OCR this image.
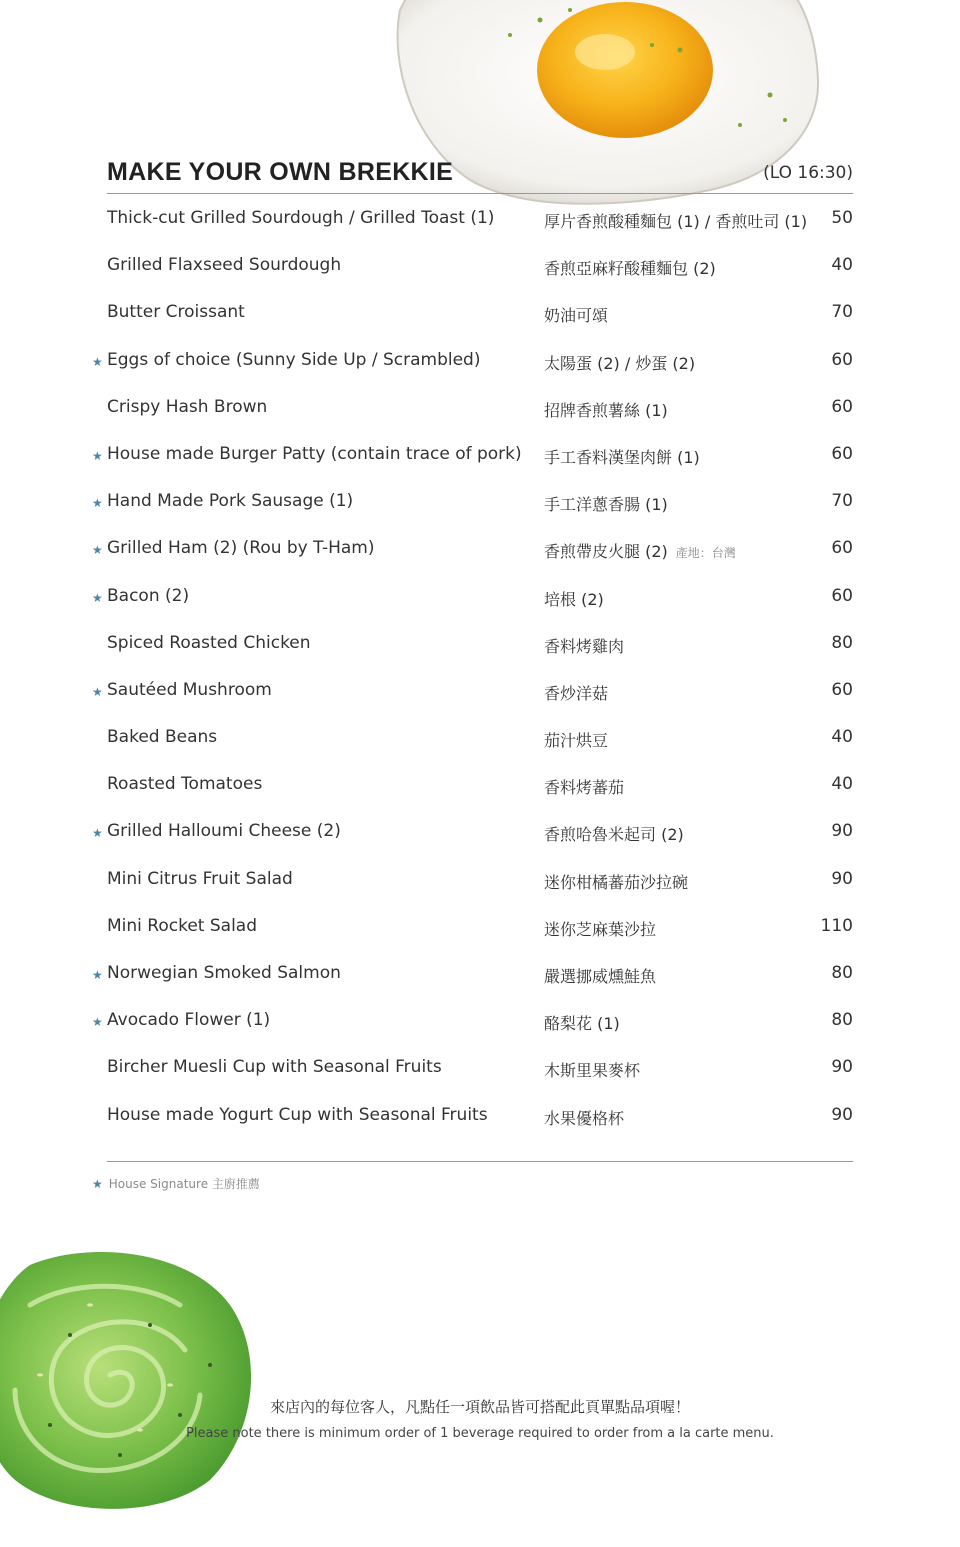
MAKE YOUR OWN BREKKIE	(LO 16:30)
Thick-cut Grilled Sourdough / Grilled Toast (1)	厚片香煎酸種麵包 (1) / 香煎吐司 (1) 50
Grilled Flaxseed Sourdough	香煎亞麻籽酸種麵包 (2)	40
Butter Croissant	奶油可頌	70
★ Eggs of choice (Sunny Side Up / Scrambled)	太陽蛋 (2) / 炒蛋 (2)	60
Crispy Hash Brown	招牌香煎薯絲 (1)	60
★ House made Burger Patty (contain trace of pork) 手工香料漢堡肉餅 (1)	60
★ Hand Made Pork Sausage (1)	手工洋蔥香腸 (1)	70
★ Grilled Ham (2) (Rou by T-Ham)	香煎帶皮火腿 (2) 產地：台灣	60
★ Bacon (2)	培根 (2)	60
Spiced Roasted Chicken	香料烤雞肉	80
★ Sautéed Mushroom	香炒洋菇	60
Baked Beans	茄汁烘豆	40
Roasted Tomatoes	香料烤蕃茄	40
★ Grilled Halloumi Cheese (2)	香煎哈魯米起司 (2)	90
Mini Citrus Fruit Salad	迷你柑橘蕃茄沙拉碗	90
Mini Rocket Salad	迷你芝麻葉沙拉	110
★ Norwegian Smoked Salmon	嚴選挪威燻鮭魚	80
★ Avocado Flower (1)	酪梨花 (1)	80
Bircher Muesli Cup with Seasonal Fruits	木斯里果麥杯	90
House made Yogurt Cup with Seasonal Fruits	水果優格杯	90
★ House Signature 主廚推薦
來店內的每位客人，凡點任一項飲品皆可搭配此頁單點品項喔！
Please note there is minimum order of 1 beverage required to order from a la carte menu.
